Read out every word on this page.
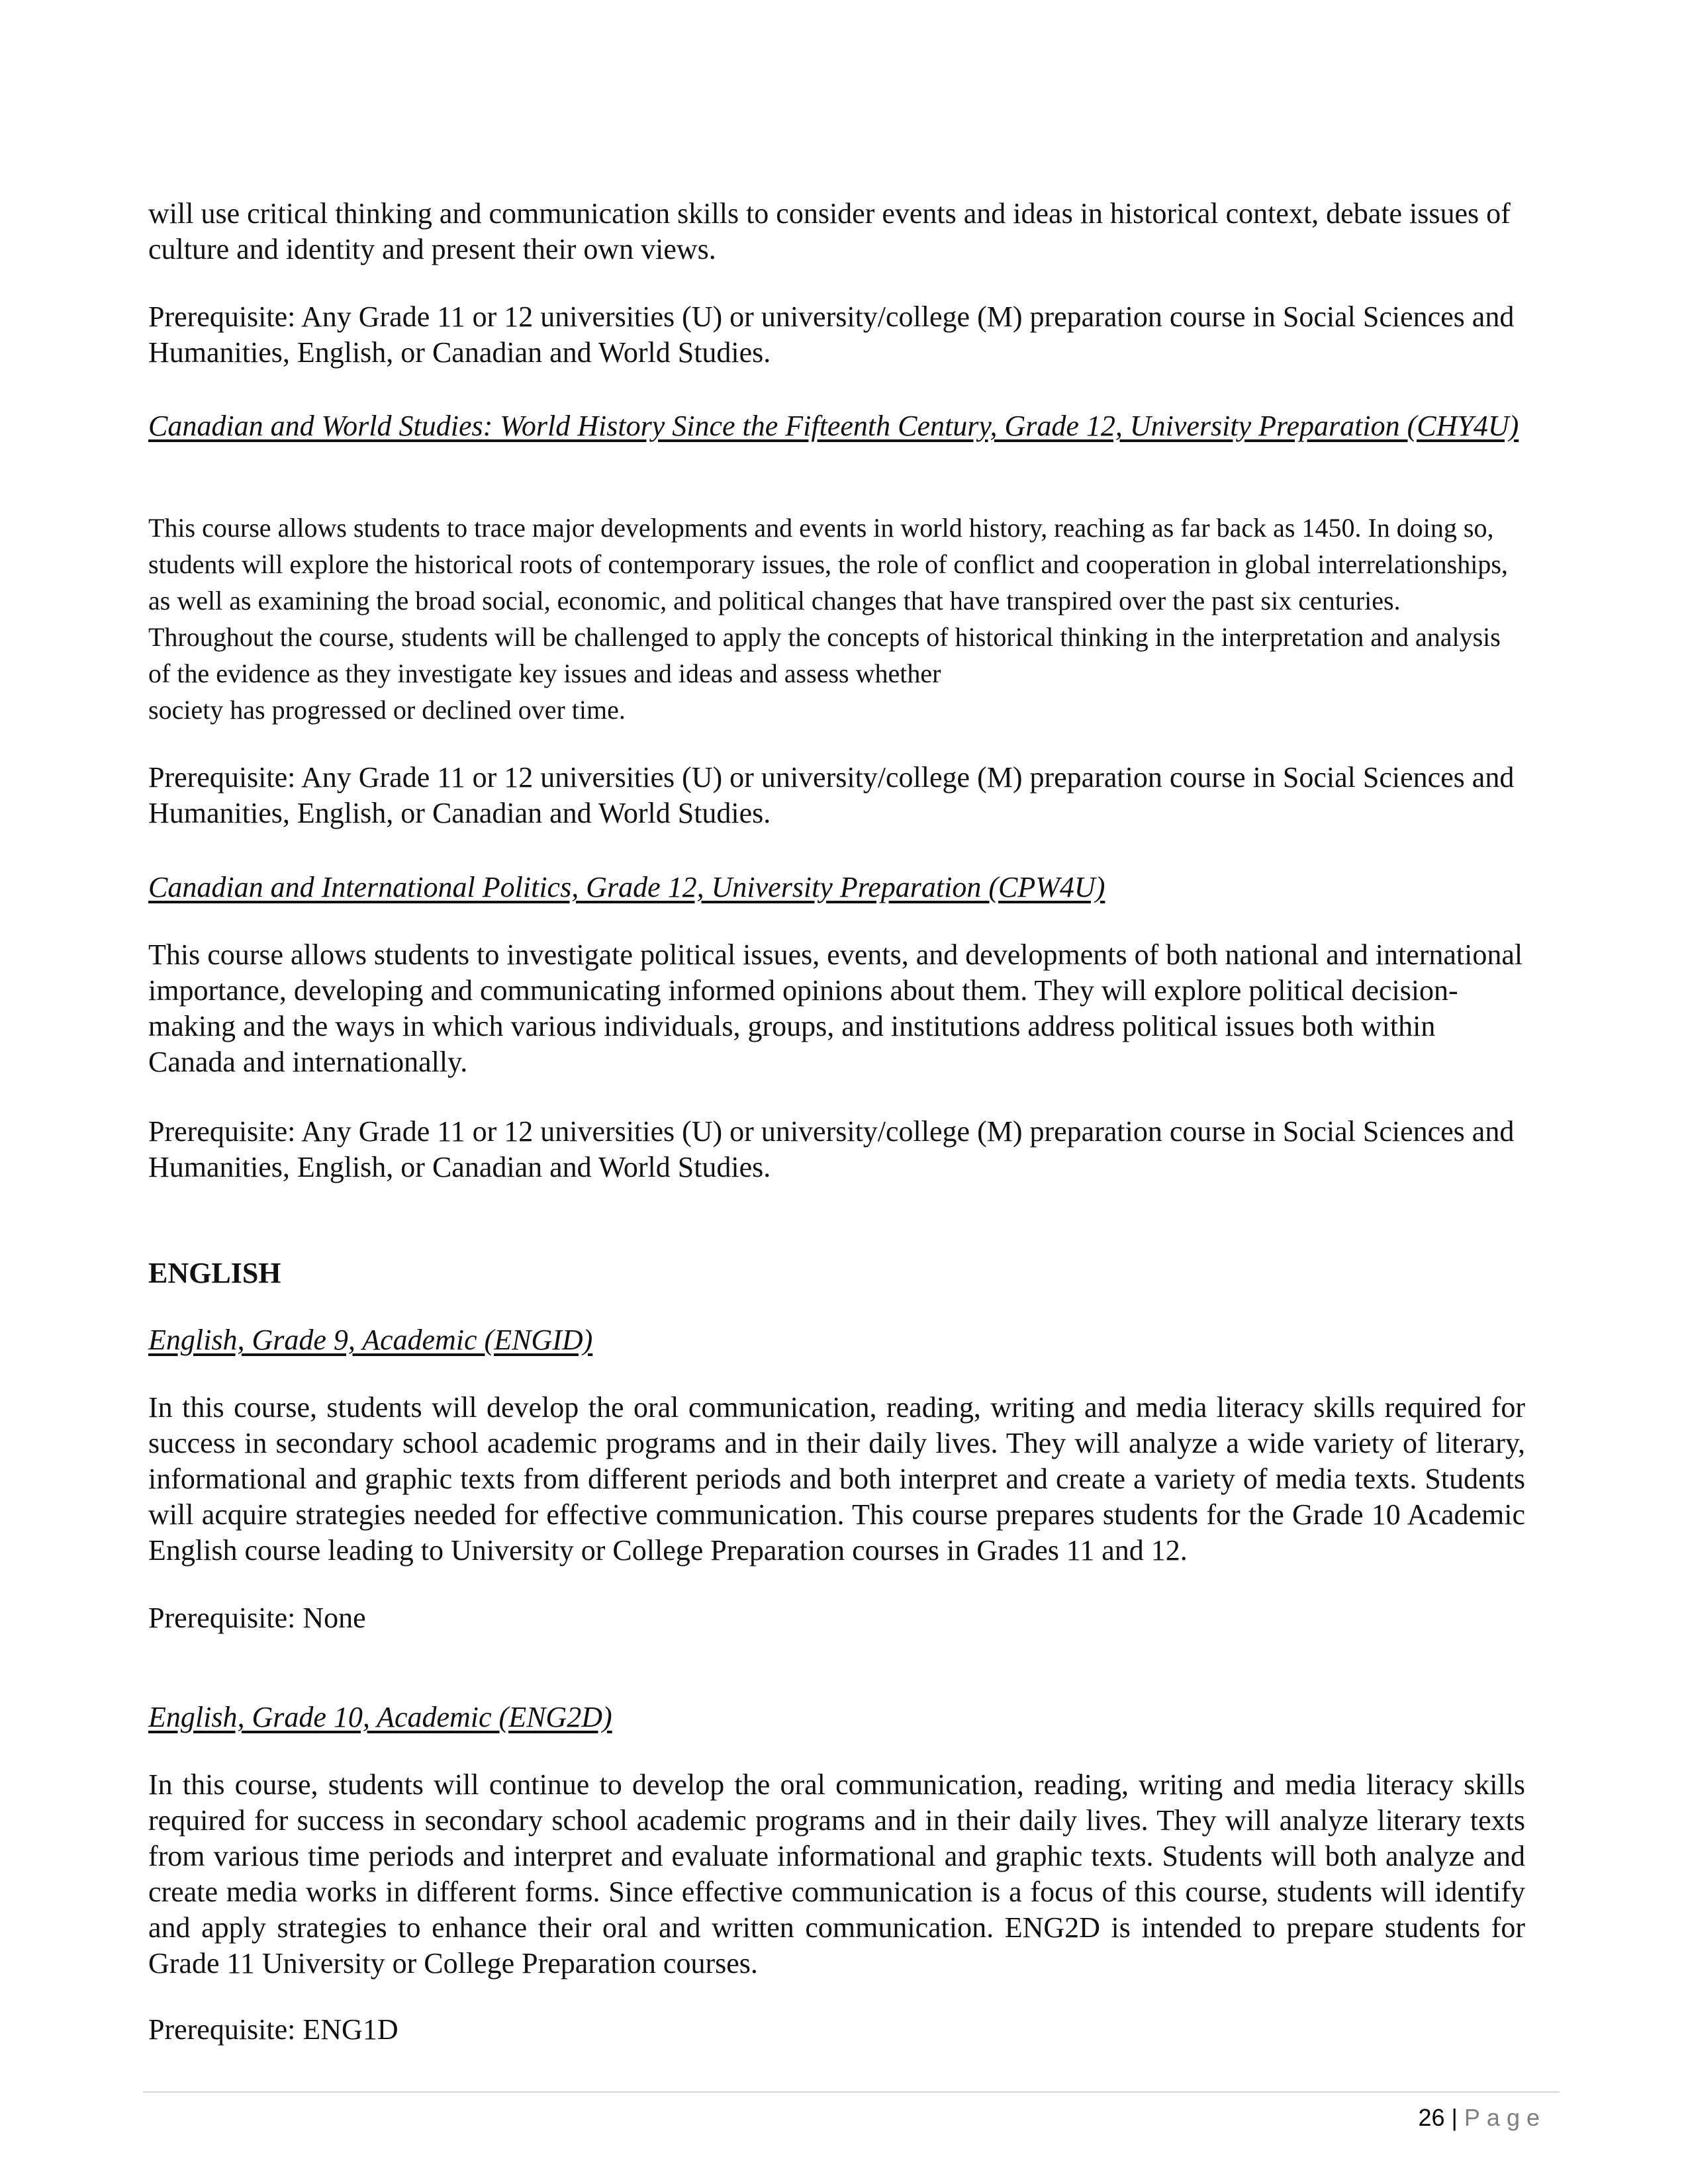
will use critical thinking and communication skills to consider events and ideas in historical context, debate issues of culture and identity and present their own views.

Prerequisite: Any Grade 11 or 12 universities (U) or university/college (M) preparation course in Social Sciences and Humanities, English, or Canadian and World Studies.

Canadian and World Studies: World History Since the Fifteenth Century, Grade 12, University Preparation (CHY4U)

This course allows students to trace major developments and events in world history, reaching as far back as 1450. In doing so, students will explore the historical roots of contemporary issues, the role of conflict and cooperation in global interrelationships, as well as examining the broad social, economic, and political changes that have transpired over the past six centuries. Throughout the course, students will be challenged to apply the concepts of historical thinking in the interpretation and analysis of the evidence as they investigate key issues and ideas and assess whether
society has progressed or declined over time.

Prerequisite: Any Grade 11 or 12 universities (U) or university/college (M) preparation course in Social Sciences and Humanities, English, or Canadian and World Studies.

Canadian and International Politics, Grade 12, University Preparation (CPW4U)

This course allows students to investigate political issues, events, and developments of both national and international importance, developing and communicating informed opinions about them. They will explore political decision-making and the ways in which various individuals, groups, and institutions address political issues both within Canada and internationally.

Prerequisite: Any Grade 11 or 12 universities (U) or university/college (M) preparation course in Social Sciences and Humanities, English, or Canadian and World Studies.

ENGLISH

English, Grade 9, Academic (ENGID)

In this course, students will develop the oral communication, reading, writing and media literacy skills required for success in secondary school academic programs and in their daily lives. They will analyze a wide variety of literary, informational and graphic texts from different periods and both interpret and create a variety of media texts. Students will acquire strategies needed for effective communication. This course prepares students for the Grade 10 Academic English course leading to University or College Preparation courses in Grades 11 and 12.

Prerequisite: None

English, Grade 10, Academic (ENG2D)

In this course, students will continue to develop the oral communication, reading, writing and media literacy skills required for success in secondary school academic programs and in their daily lives. They will analyze literary texts from various time periods and interpret and evaluate informational and graphic texts. Students will both analyze and create media works in different forms. Since effective communication is a focus of this course, students will identify and apply strategies to enhance their oral and written communication. ENG2D is intended to prepare students for Grade 11 University or College Preparation courses.

Prerequisite: ENG1D

26 | Page
